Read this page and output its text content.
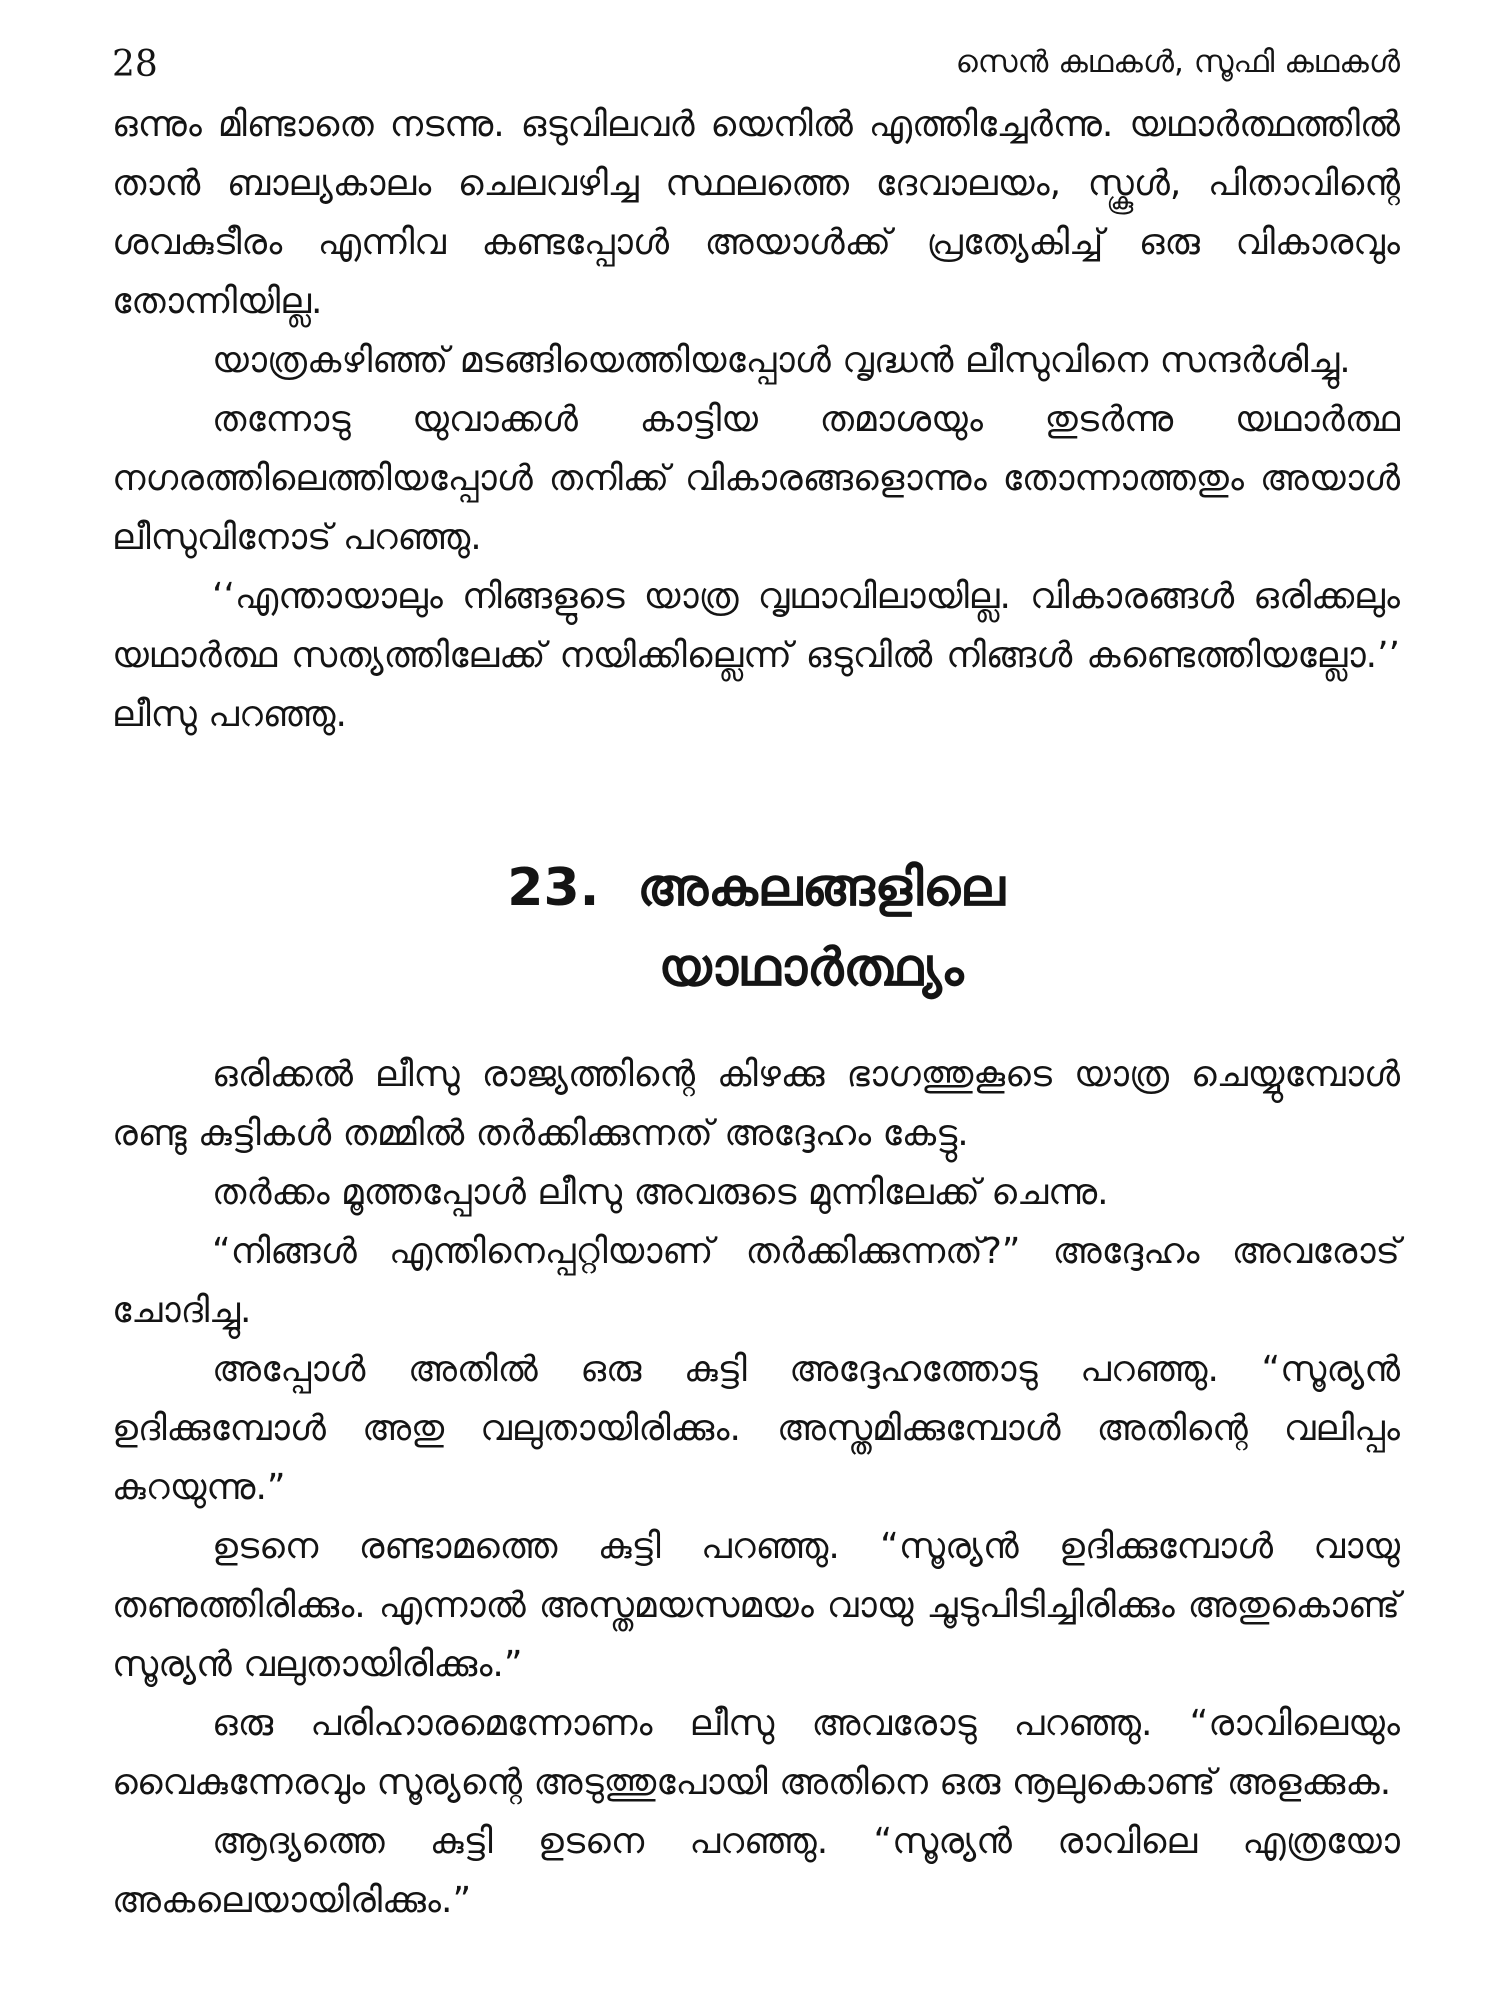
28	സെൻ കഥകൾ, സൂഫി കഥകൾ

ഒന്നും മിണ്ടാതെ നടന്നു. ഒടുവിലവർ യെനിൽ എത്തിച്ചേർന്നു. യഥാർത്ഥത്തിൽ താൻ ബാല്യകാലം ചെലവഴിച്ച സ്ഥലത്തെ ദേവാലയം, സ്കൂൾ, പിതാവിന്റെ ശവകുടീരം എന്നിവ കണ്ടപ്പോൾ അയാൾക്ക് പ്രത്യേകിച്ച് ഒരു വികാരവും തോന്നിയില്ല.

യാത്രകഴിഞ്ഞ് മടങ്ങിയെത്തിയപ്പോൾ വൃദ്ധൻ ലീസുവിനെ സന്ദർശിച്ചു.

തന്നോടു യുവാക്കൾ കാട്ടിയ തമാശയും തുടർന്നു യഥാർത്ഥ നഗരത്തിലെത്തിയപ്പോൾ തനിക്ക് വികാരങ്ങളൊന്നും തോന്നാത്തതും അയാൾ ലീസുവിനോട് പറഞ്ഞു.

‘‘എന്തായാലും നിങ്ങളുടെ യാത്ര വൃഥാവിലായില്ല. വികാരങ്ങൾ ഒരിക്കലും യഥാർത്ഥ സത്യത്തിലേക്ക് നയിക്കില്ലെന്ന് ഒടുവിൽ നിങ്ങൾ കണ്ടെത്തിയല്ലോ.’’ ലീസു പറഞ്ഞു.

23. അകലങ്ങളിലെ
യാഥാർത്ഥ്യം

ഒരിക്കൽ ലീസു രാജ്യത്തിന്റെ കിഴക്കു ഭാഗത്തുകൂടെ യാത്ര ചെയ്യുമ്പോൾ രണ്ടു കുട്ടികൾ തമ്മിൽ തർക്കിക്കുന്നത് അദ്ദേഹം കേട്ടു.

തർക്കം മൂത്തപ്പോൾ ലീസു അവരുടെ മുന്നിലേക്ക് ചെന്നു.

“നിങ്ങൾ എന്തിനെപ്പറ്റിയാണ് തർക്കിക്കുന്നത്?” അദ്ദേഹം അവരോട് ചോദിച്ചു.

അപ്പോൾ അതിൽ ഒരു കുട്ടി അദ്ദേഹത്തോടു പറഞ്ഞു. “സൂര്യൻ ഉദിക്കുമ്പോൾ അതു വലുതായിരിക്കും. അസ്തമിക്കുമ്പോൾ അതിന്റെ വലിപ്പം കുറയുന്നു.”

ഉടനെ രണ്ടാമത്തെ കുട്ടി പറഞ്ഞു. “സൂര്യൻ ഉദിക്കുമ്പോൾ വായു തണുത്തിരിക്കും. എന്നാൽ അസ്തമയസമയം വായു ചൂടുപിടിച്ചിരിക്കും അതുകൊണ്ട് സൂര്യൻ വലുതായിരിക്കും.”

ഒരു പരിഹാരമെന്നോണം ലീസു അവരോടു പറഞ്ഞു. “രാവിലെയും വൈകുന്നേരവും സൂര്യന്റെ അടുത്തുപോയി അതിനെ ഒരു നൂലുകൊണ്ട് അളക്കുക.

ആദ്യത്തെ കുട്ടി ഉടനെ പറഞ്ഞു. “സൂര്യൻ രാവിലെ എത്രയോ അകലെയായിരിക്കും.”
